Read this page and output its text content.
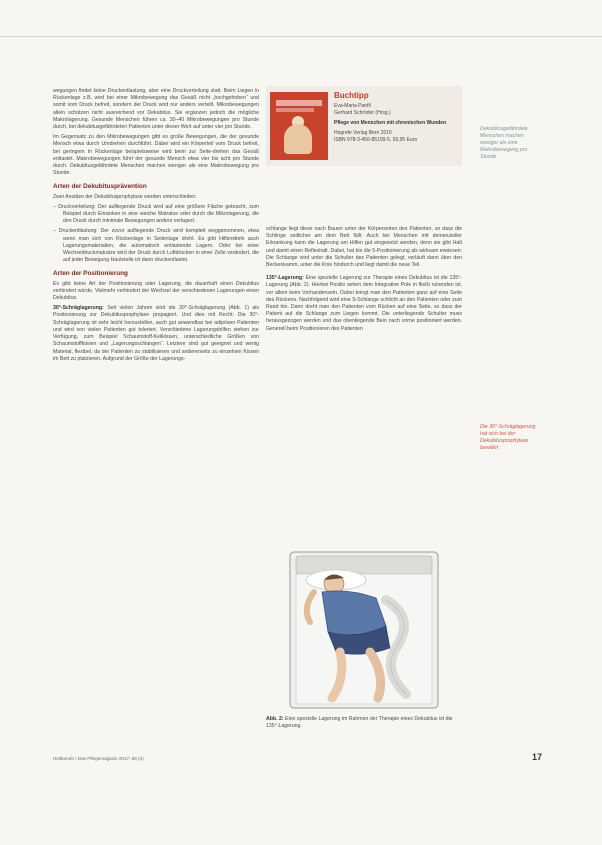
wegungen findet keine Druckentlastung, aber eine Druckverteilung statt. Beim Liegen in Rückenlage z.B. wird bei einer Mikrobewegung das Gesäß nicht „hochgehoben“ und somit vom Druck befreit, sondern der Druck wird nur anders verteilt. Mikrobewegungen allein schützen nicht ausreichend vor Dekubitus. Sie ergänzen jedoch die mögliche Makrolagerung. Gesunde Menschen führen ca. 30–40 Mikrobewegungen pro Stunde durch, bei dekubitusgefährdeten Patienten unter dieser Wert auf unter vier pro Stunde.

Im Gegensatz zu den Mikrobewegungen gibt es große Bewegungen, die der gesunde Mensch etwa durch Umdrehen durchführt. Dabei wird ein Körperteil vom Druck befreit, bei geringem In Rückenlage beispielsweise wird beim zur Seite-drehen das Gesäß entlastet. Makrobewegungen führt der gesunde Mensch etwa vier bis acht pro Stunde durch. Dekubitusgefährdete Menschen machen weniger als eine Makrobewegung pro Stunde.

Arten der Dekubitusprävention

Zwei Ansätze der Dekubitusprophylaxe werden unterschieden:

– Druckverteilung: Der aufliegende Druck wird auf eine größere Fläche gebracht, zum Beispiel durch Einsinken in eine weiche Matratze oder durch die Mikrolagerung, die den Druck durch minimale Bewegungen anders verlagert.

– Druckentlastung: Der zuvor aufliegende Druck wird komplett weggenommen, etwa wenn man sich von Rückenlage in Seitenlage dreht. Es gibt Hilfsmitteln auch Lagerungsmaterialien, die automatisch entlastende Lagern. Oder bei einer Wechseldruckmatratze wird der Druck durch Luftdrücken in einer Zelle verändert, die auf jeder Bewegung Hautstelle ist dann druckentlastet.

Arten der Positionierung

Es gibt keine Art der Positionierung oder Lagerung, die dauerhaft einen Dekubitus verhindert würde. Vielmehr verhindert der Wechsel der verschiedenen Lagerungen einen Dekubitus.

30°-Schräglagerung: Seit vielen Jahren wird die 30°-Schräglagerung (Abb. 1) als Positionierung zur Dekubitusprophylaxe propagiert. Und dies mit Recht: Die 30°-Schräglagerung ist sehr leicht herzustellen, auch gut anwendbar bei adipösen Patienten und wird von vielen Patienten gut toleriert. Verschiedene Lagerungshilfen stehen zur Verfügung, zum Beispiel Schaumstoff-Keilkissen, unterschiedliche Größen von Schaumstoffkissen und „Lagerungsschlangen“. Letztere sind gut geeignet und wenig Material, flexibel, da der Patienten zu stabilisieren und andererseits zu einzelnen Kissen im Bett zu platzieren. Aufgrund der Größe der Lagerungs-

Buchtipp
Eva-Maria Panfil
Gerhard Schröder (Hrsg.)
Pflege von Menschen mit chronischen Wunden
Hogrefe Verlag Bern 2015
ISBN 978-3-456-85199-5, 59,95 Euro
Dekubitusgefährdete Menschen machen weniger als eine Makrobewegung pro Stunde
Die 30°-Schräglagerung hat sich bei der Dekubitusprophylaxe bewährt

schlange liegt diese nach Bauen unter der Körperseiten des Patienten, so dass die Schlinge seitlicher am dem Bett fällt. Auch bei Menschen mit demenzieller Erkrankung kann die Lagerung um Hilfen gut eingesetzt werden, denn sie gibt Halt und damit einen Reflexhalt. Dabei, hat bis die 5-Positionierung als wirksam erwiesen: Die Schlange wird unter die Schulter des Patienten gelegt, verläuft dann über den Beckenkamm, unter die Knie hindurch und liegt damit die neue Teil.

135°-Lagerung: Eine spezielle Lagerung zur Therapie eines Dekubitus ist die 135°-Lagerung (Abb. 2). Hierbei Positiv sehen dem Integrative Pole in fließt ruhenden ist, vor allem beim Vorhandensein. Dabei bringt man den Patienten ganz auf eine Seite des Rückens. Nachfolgend wird eine S-Schlange schlicht an den Patienten oder zum Rand hin. Dann dreht man den Patienten vom Rücken auf eine Seite, so dass der Patient auf die Schlange zum Liegen kommt. Die unterliegende Schulter muss herausgezogen werden und das obenliegende Bein nach vorne positioniert werden. Generell beim Positionieren des Patienten

Abb. 2: Eine spezielle Lagerung im Rahmen der Therapie eines Dekubitus ist die 135°-Lagerung.
Heilberufe / Das Pflegemagazin 2017; 69 (3)	17
